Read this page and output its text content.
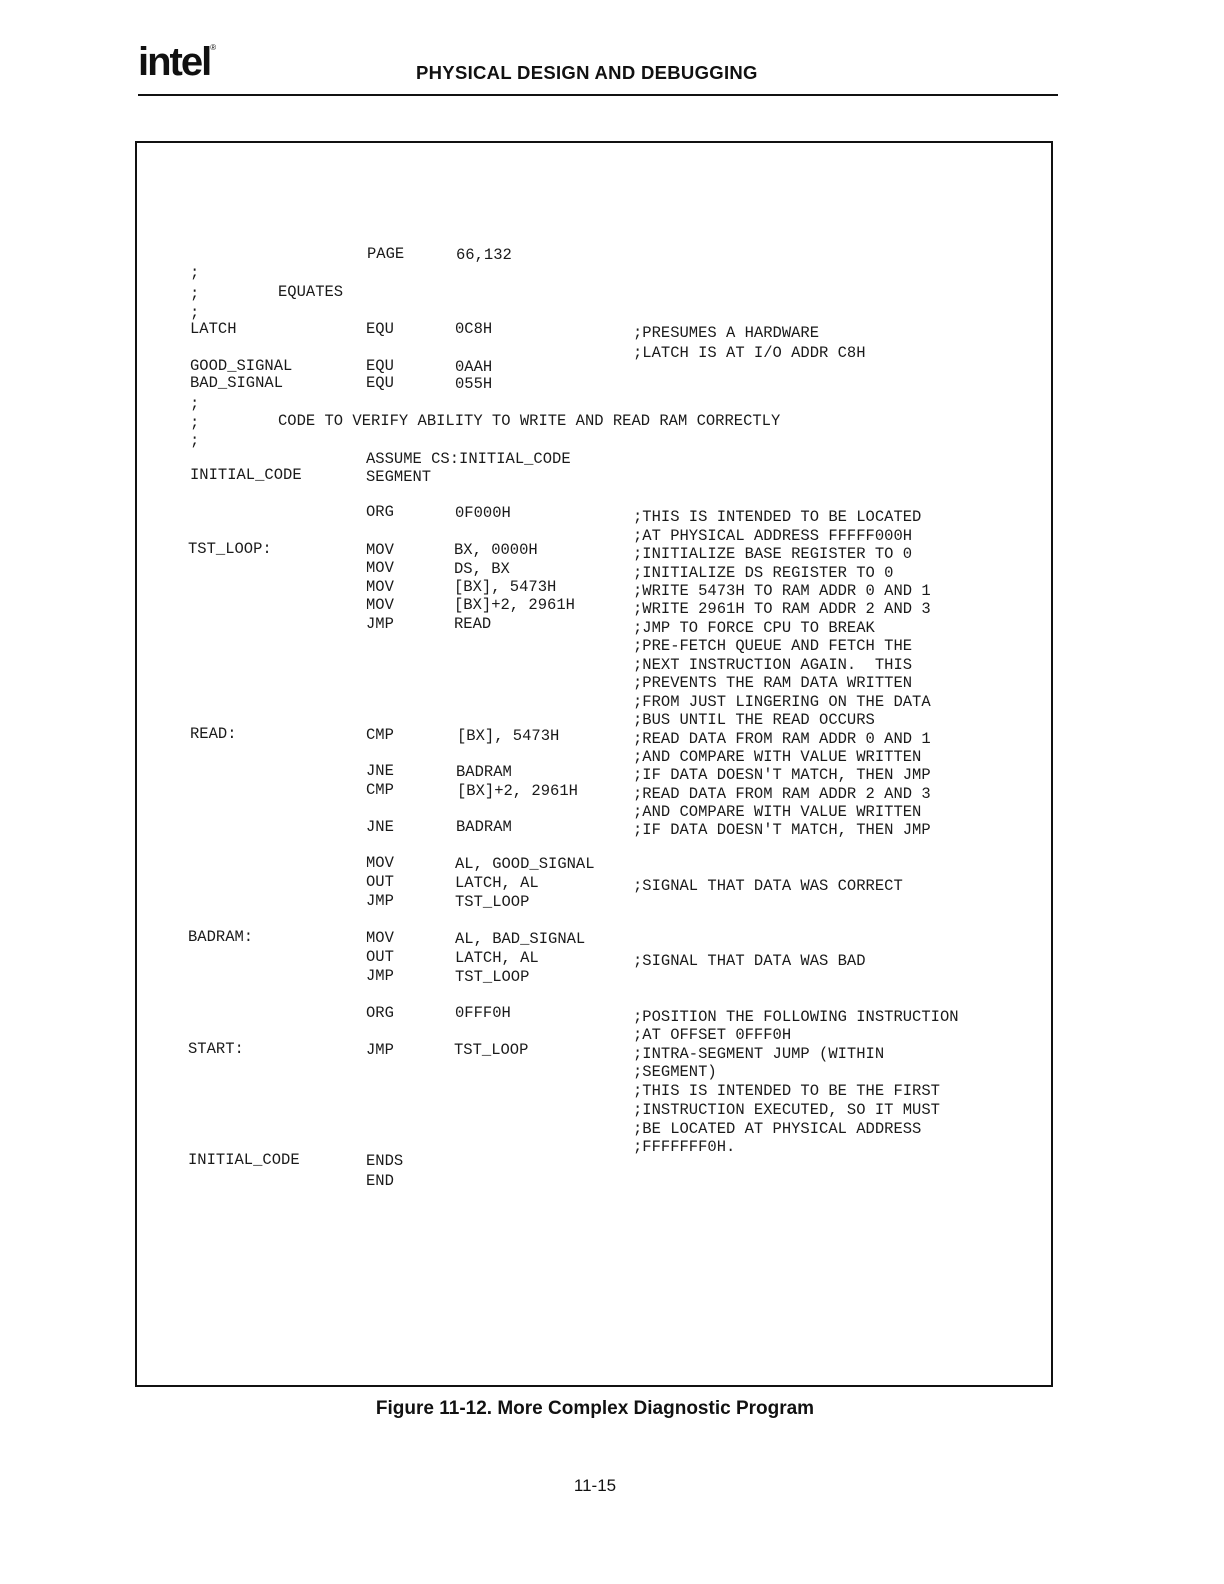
intel®
PHYSICAL DESIGN AND DEBUGGING
;
;
;
LATCH
GOOD_SIGNAL
BAD_SIGNAL
;
;
;
INITIAL_CODE
TST_LOOP:
READ:
BADRAM:
START:
INITIAL_CODE
EQUATES
CODE TO VERIFY ABILITY TO WRITE AND READ RAM CORRECTLY
ASSUME CS:INITIAL_CODE
PAGE
EQU
EQU
EQU
SEGMENT
ORG
MOV
MOV
MOV
MOV
JMP
CMP
JNE
CMP
JNE
MOV
OUT
JMP
MOV
OUT
JMP
ORG
JMP
ENDS
END
66,132
0C8H
0AAH
055H
0F000H
BX, 0000H
DS, BX
[BX], 5473H
[BX]+2, 2961H
READ
[BX], 5473H
BADRAM
[BX]+2, 2961H
BADRAM
AL, GOOD_SIGNAL
LATCH, AL
TST_LOOP
AL, BAD_SIGNAL
LATCH, AL
TST_LOOP
0FFF0H
TST_LOOP
;PRESUMES A HARDWARE
;LATCH IS AT I/O ADDR C8H
;THIS IS INTENDED TO BE LOCATED
;AT PHYSICAL ADDRESS FFFFF000H
;INITIALIZE BASE REGISTER TO 0
;INITIALIZE DS REGISTER TO 0
;WRITE 5473H TO RAM ADDR 0 AND 1
;WRITE 2961H TO RAM ADDR 2 AND 3
;JMP TO FORCE CPU TO BREAK
;PRE-FETCH QUEUE AND FETCH THE
;NEXT INSTRUCTION AGAIN.  THIS
;PREVENTS THE RAM DATA WRITTEN
;FROM JUST LINGERING ON THE DATA
;BUS UNTIL THE READ OCCURS
;READ DATA FROM RAM ADDR 0 AND 1
;AND COMPARE WITH VALUE WRITTEN
;IF DATA DOESN'T MATCH, THEN JMP
;READ DATA FROM RAM ADDR 2 AND 3
;AND COMPARE WITH VALUE WRITTEN
;IF DATA DOESN'T MATCH, THEN JMP
;SIGNAL THAT DATA WAS CORRECT
;SIGNAL THAT DATA WAS BAD
;POSITION THE FOLLOWING INSTRUCTION
;AT OFFSET 0FFF0H
;INTRA-SEGMENT JUMP (WITHIN
;SEGMENT)
;THIS IS INTENDED TO BE THE FIRST
;INSTRUCTION EXECUTED, SO IT MUST
;BE LOCATED AT PHYSICAL ADDRESS
;FFFFFFF0H.
Figure 11-12. More Complex Diagnostic Program
11-15
